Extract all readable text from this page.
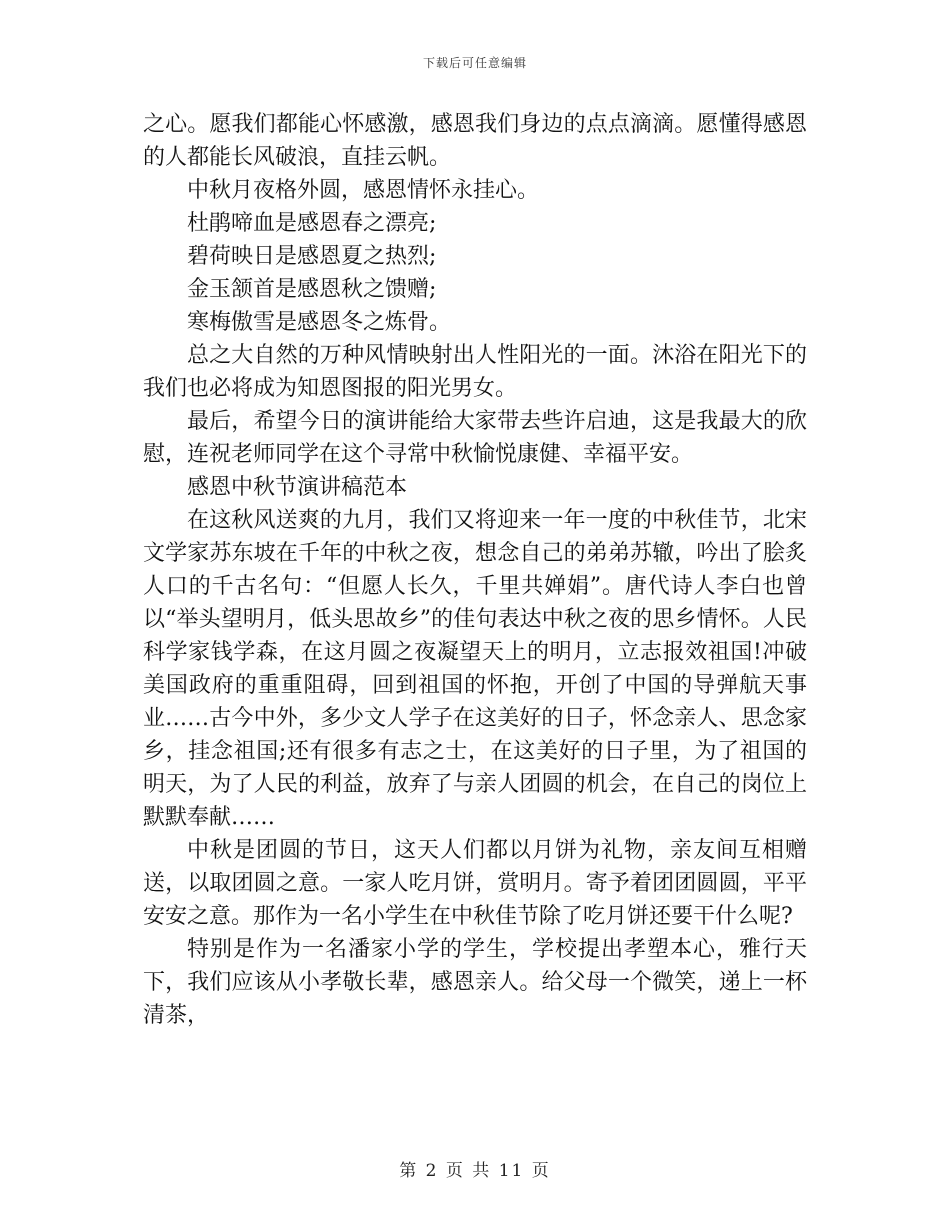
下载后可任意编辑

之心。愿我们都能心怀感激，感恩我们身边的点点滴滴。愿懂得感恩的人都能长风破浪，直挂云帆。

中秋月夜格外圆，感恩情怀永挂心。

杜鹃啼血是感恩春之漂亮;

碧荷映日是感恩夏之热烈;

金玉颔首是感恩秋之馈赠;

寒梅傲雪是感恩冬之炼骨。

总之大自然的万种风情映射出人性阳光的一面。沐浴在阳光下的我们也必将成为知恩图报的阳光男女。

最后，希望今日的演讲能给大家带去些许启迪，这是我最大的欣慰，连祝老师同学在这个寻常中秋愉悦康健、幸福平安。

感恩中秋节演讲稿范本

在这秋风送爽的九月，我们又将迎来一年一度的中秋佳节，北宋文学家苏东坡在千年的中秋之夜，想念自己的弟弟苏辙，吟出了脍炙人口的千古名句：“但愿人长久，千里共婵娟”。唐代诗人李白也曾以“举头望明月，低头思故乡”的佳句表达中秋之夜的思乡情怀。人民科学家钱学森，在这月圆之夜凝望天上的明月，立志报效祖国!冲破美国政府的重重阻碍，回到祖国的怀抱，开创了中国的导弹航天事业……古今中外，多少文人学子在这美好的日子，怀念亲人、思念家乡，挂念祖国;还有很多有志之士，在这美好的日子里，为了祖国的明天，为了人民的利益，放弃了与亲人团圆的机会，在自己的岗位上默默奉献……

中秋是团圆的节日，这天人们都以月饼为礼物，亲友间互相赠送，以取团圆之意。一家人吃月饼，赏明月。寄予着团团圆圆，平平安安之意。那作为一名小学生在中秋佳节除了吃月饼还要干什么呢?

特别是作为一名潘家小学的学生，学校提出孝塑本心，雅行天下，我们应该从小孝敬长辈，感恩亲人。给父母一个微笑，递上一杯清茶，

第 2 页 共 11 页
